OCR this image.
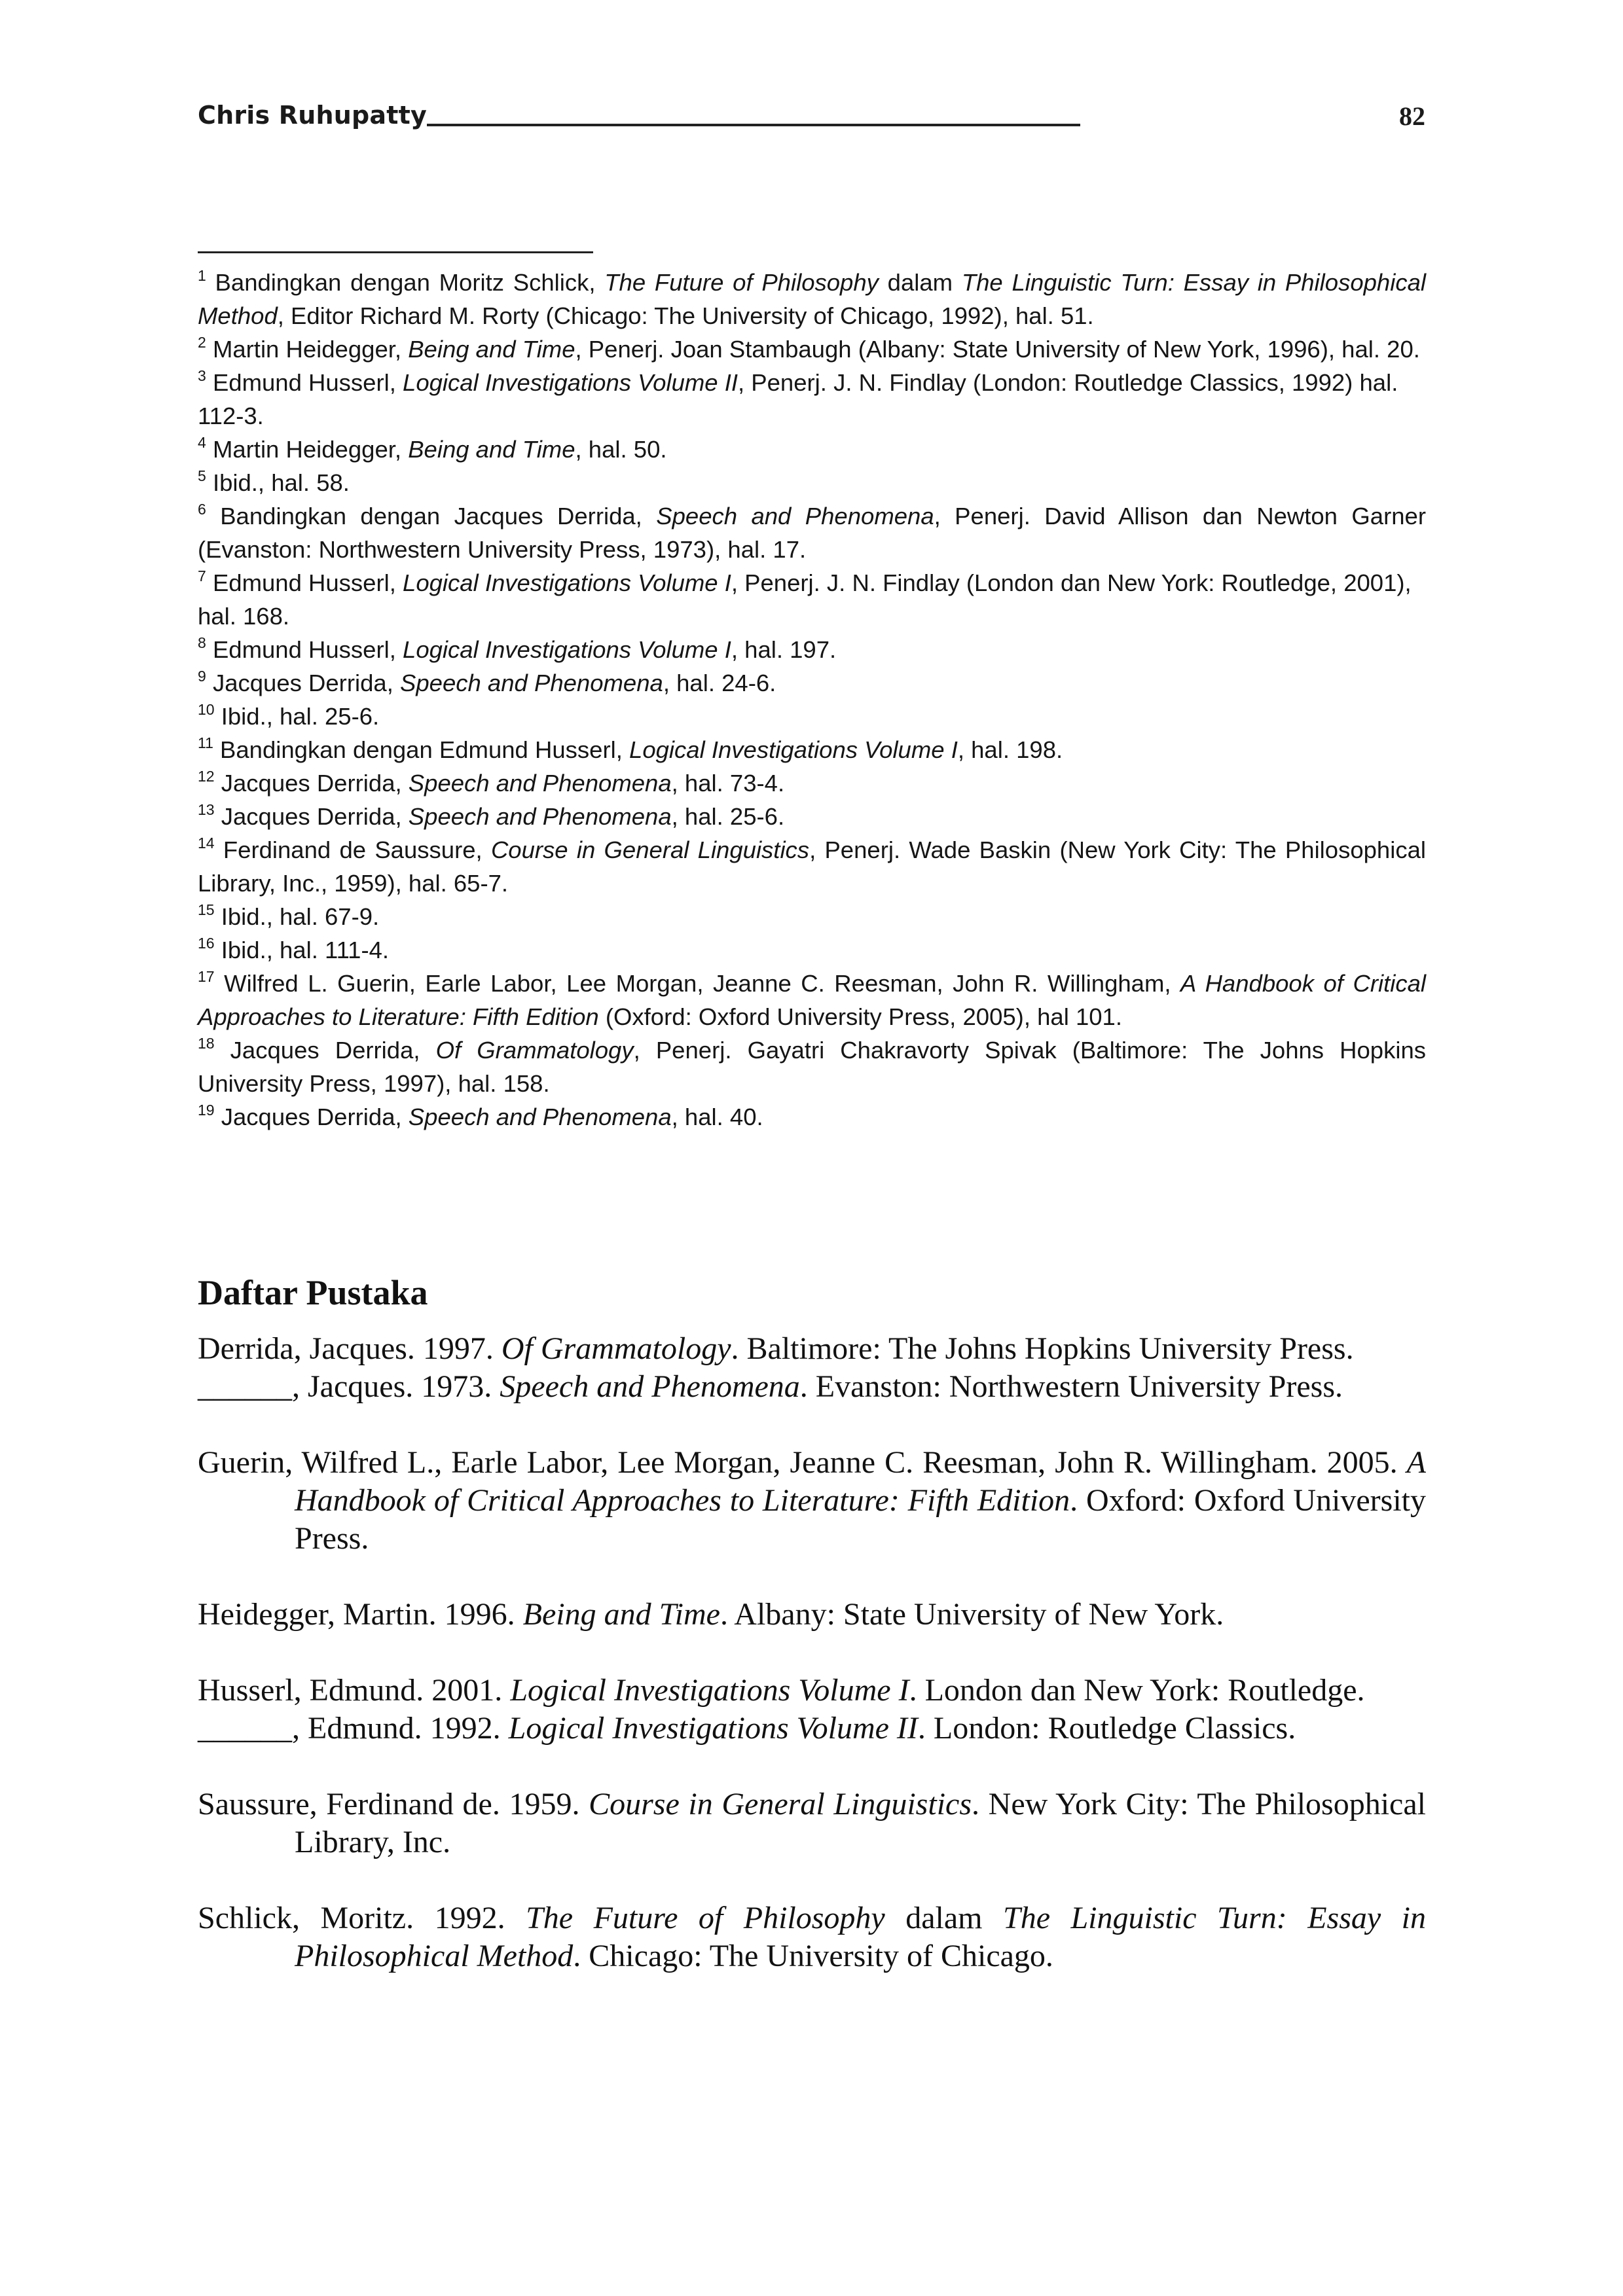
Chris Ruhupatty	82

$^1$ Bandingkan dengan Moritz Schlick, The Future of Philosophy dalam The Linguistic Turn: Essay in Philosophical Method, Editor Richard M. Rorty (Chicago: The University of Chicago, 1992), hal. 51.

$^2$ Martin Heidegger, Being and Time, Penerj. Joan Stambaugh (Albany: State University of New York, 1996), hal. 20.

$^3$ Edmund Husserl, Logical Investigations Volume II, Penerj. J. N. Findlay (London: Routledge Classics, 1992) hal. 112-3.

$^4$ Martin Heidegger, Being and Time, hal. 50.

$^5$ Ibid., hal. 58.

$^6$ Bandingkan dengan Jacques Derrida, Speech and Phenomena, Penerj. David Allison dan Newton Garner (Evanston: Northwestern University Press, 1973), hal. 17.

$^7$ Edmund Husserl, Logical Investigations Volume I, Penerj. J. N. Findlay (London dan New York: Routledge, 2001), hal. 168.

$^8$ Edmund Husserl, Logical Investigations Volume I, hal. 197.

$^9$ Jacques Derrida, Speech and Phenomena, hal. 24-6.

$^{10}$ Ibid., hal. 25-6.

$^{11}$ Bandingkan dengan Edmund Husserl, Logical Investigations Volume I, hal. 198.

$^{12}$ Jacques Derrida, Speech and Phenomena, hal. 73-4.

$^{13}$ Jacques Derrida, Speech and Phenomena, hal. 25-6.

$^{14}$ Ferdinand de Saussure, Course in General Linguistics, Penerj. Wade Baskin (New York City: The Philosophical Library, Inc., 1959), hal. 65-7.

$^{15}$ Ibid., hal. 67-9.

$^{16}$ Ibid., hal. 111-4.

$^{17}$ Wilfred L. Guerin, Earle Labor, Lee Morgan, Jeanne C. Reesman, John R. Willingham, A Handbook of Critical Approaches to Literature: Fifth Edition (Oxford: Oxford University Press, 2005), hal 101.

$^{18}$ Jacques Derrida, Of Grammatology, Penerj. Gayatri Chakravorty Spivak (Baltimore: The Johns Hopkins University Press, 1997), hal. 158.

$^{19}$ Jacques Derrida, Speech and Phenomena, hal. 40.

Daftar Pustaka
Derrida, Jacques. 1997. Of Grammatology. Baltimore: The Johns Hopkins University Press.
______, Jacques. 1973. Speech and Phenomena. Evanston: Northwestern University Press.
Guerin, Wilfred L., Earle Labor, Lee Morgan, Jeanne C. Reesman, John R. Willingham. 2005. A Handbook of Critical Approaches to Literature: Fifth Edition. Oxford: Oxford University Press.
Heidegger, Martin. 1996. Being and Time. Albany: State University of New York.
Husserl, Edmund. 2001. Logical Investigations Volume I. London dan New York: Routledge.
______, Edmund. 1992. Logical Investigations Volume II. London: Routledge Classics.
Saussure, Ferdinand de. 1959. Course in General Linguistics. New York City: The Philosophical Library, Inc.
Schlick, Moritz. 1992. The Future of Philosophy dalam The Linguistic Turn: Essay in Philosophical Method. Chicago: The University of Chicago.
